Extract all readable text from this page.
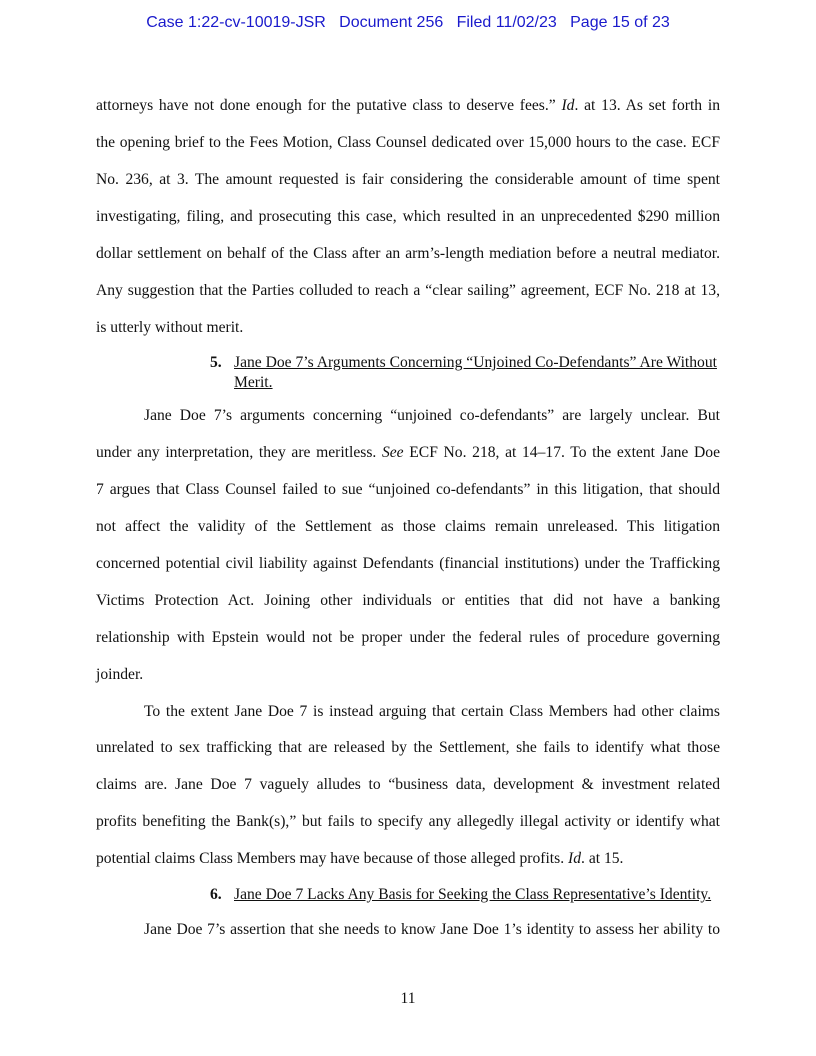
Case 1:22-cv-10019-JSR   Document 256   Filed 11/02/23   Page 15 of 23
attorneys have not done enough for the putative class to deserve fees.” Id. at 13. As set forth in
the opening brief to the Fees Motion, Class Counsel dedicated over 15,000 hours to the case. ECF
No. 236, at 3. The amount requested is fair considering the considerable amount of time spent
investigating, filing, and prosecuting this case, which resulted in an unprecedented $290 million
dollar settlement on behalf of the Class after an arm’s-length mediation before a neutral mediator.
Any suggestion that the Parties colluded to reach a “clear sailing” agreement, ECF No. 218 at 13,
is utterly without merit.
5. Jane Doe 7’s Arguments Concerning “Unjoined Co-Defendants” Are Without
Merit.
Jane Doe 7’s arguments concerning “unjoined co-defendants” are largely unclear. But
under any interpretation, they are meritless. See ECF No. 218, at 14–17. To the extent Jane Doe
7 argues that Class Counsel failed to sue “unjoined co-defendants” in this litigation, that should
not affect the validity of the Settlement as those claims remain unreleased. This litigation
concerned potential civil liability against Defendants (financial institutions) under the Trafficking
Victims Protection Act. Joining other individuals or entities that did not have a banking
relationship with Epstein would not be proper under the federal rules of procedure governing
joinder.
To the extent Jane Doe 7 is instead arguing that certain Class Members had other claims
unrelated to sex trafficking that are released by the Settlement, she fails to identify what those
claims are. Jane Doe 7 vaguely alludes to “business data, development & investment related
profits benefiting the Bank(s),” but fails to specify any allegedly illegal activity or identify what
potential claims Class Members may have because of those alleged profits. Id. at 15.
6. Jane Doe 7 Lacks Any Basis for Seeking the Class Representative’s Identity.
Jane Doe 7’s assertion that she needs to know Jane Doe 1’s identity to assess her ability to
11
